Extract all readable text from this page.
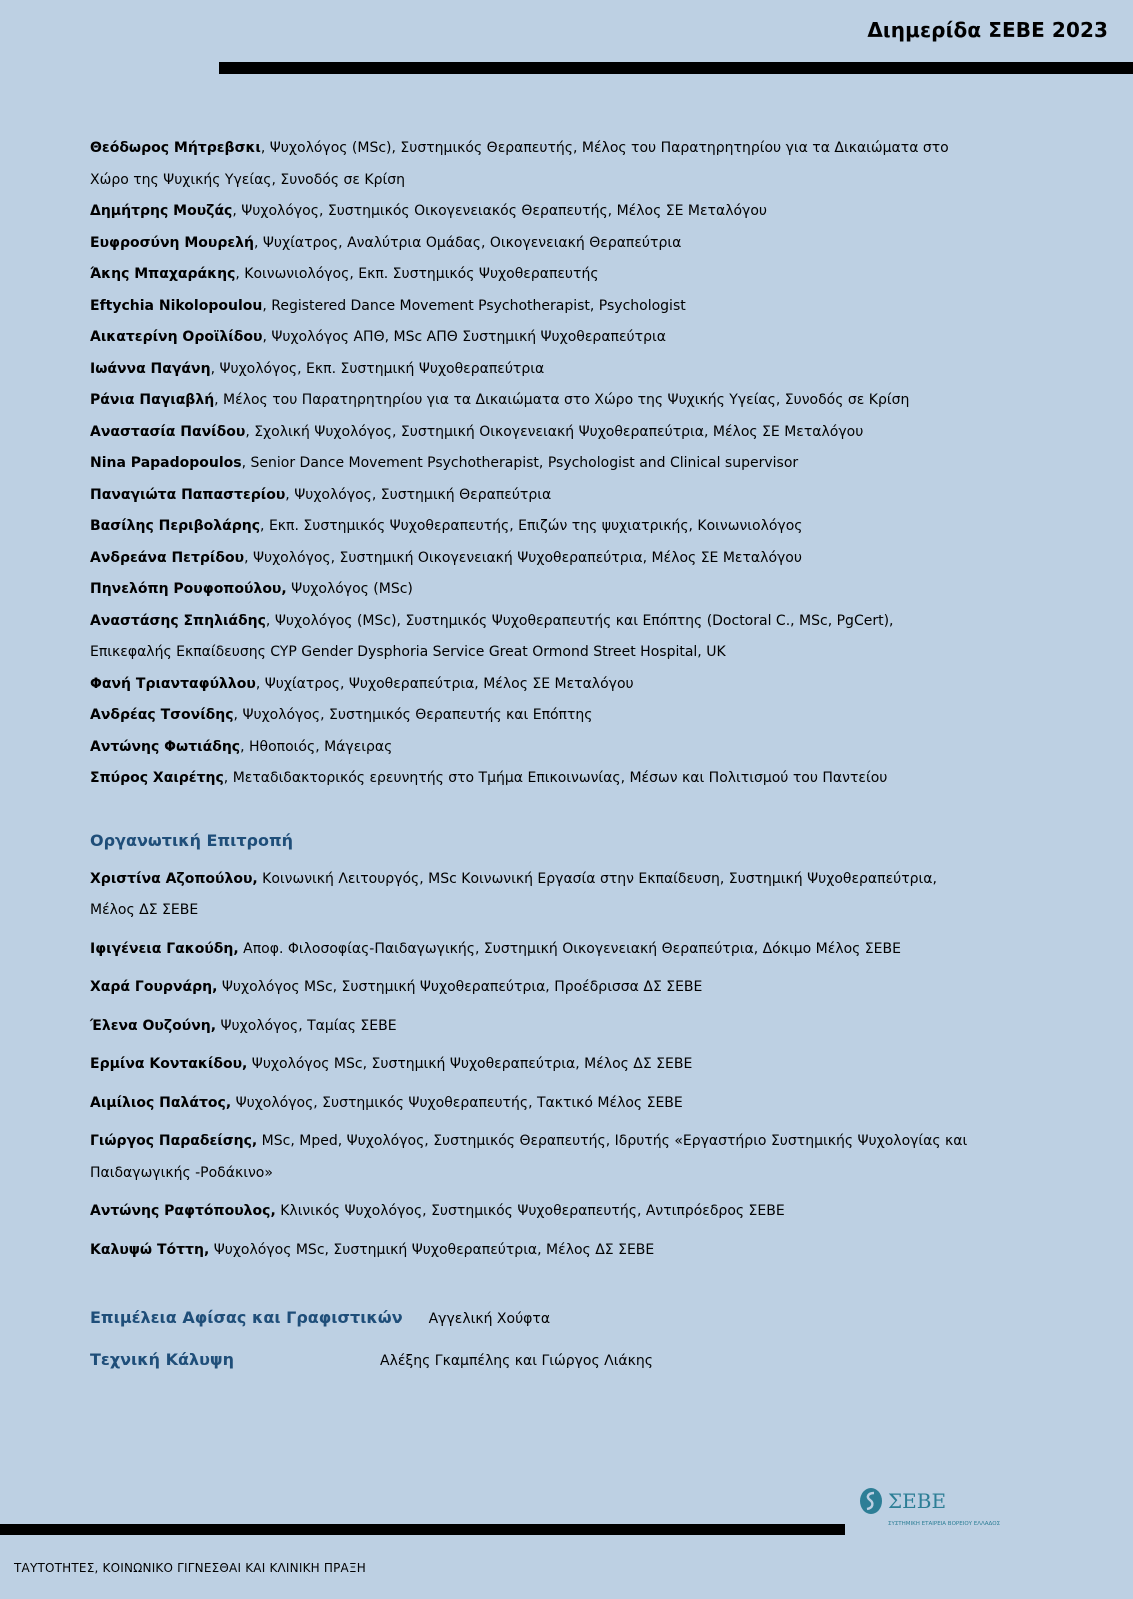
Διημερίδα ΣΕΒΕ 2023

Θεόδωρος Μήτρεβσκι, Ψυχολόγος (MSc), Συστημικός Θεραπευτής, Μέλος του Παρατηρητηρίου για τα Δικαιώματα στο Χώρο της Ψυχικής Υγείας, Συνοδός σε Κρίση

Δημήτρης Μουζάς, Ψυχολόγος, Συστημικός Οικογενειακός Θεραπευτής, Μέλος ΣΕ Μεταλόγου

Ευφροσύνη Μουρελή, Ψυχίατρος, Αναλύτρια Ομάδας, Οικογενειακή Θεραπεύτρια

Άκης Μπαχαράκης, Κοινωνιολόγος, Εκπ. Συστημικός Ψυχοθεραπευτής

Eftychia Nikolopoulou, Registered Dance Movement Psychotherapist, Psychologist

Αικατερίνη Οροϊλίδου, Ψυχολόγος ΑΠΘ, MSc ΑΠΘ Συστημική Ψυχοθεραπεύτρια

Ιωάννα Παγάνη, Ψυχολόγος, Εκπ. Συστημική Ψυχοθεραπεύτρια

Ράνια Παγιαβλή, Μέλος του Παρατηρητηρίου για τα Δικαιώματα στο Χώρο της Ψυχικής Υγείας, Συνοδός σε Κρίση

Αναστασία Πανίδου, Σχολική Ψυχολόγος, Συστημική Οικογενειακή Ψυχοθεραπεύτρια, Μέλος ΣΕ Μεταλόγου

Nina Papadopoulos, Senior Dance Movement Psychotherapist, Psychologist and Clinical supervisor

Παναγιώτα Παπαστερίου, Ψυχολόγος, Συστημική Θεραπεύτρια

Βασίλης Περιβολάρης, Εκπ. Συστημικός Ψυχοθεραπευτής, Επιζών της ψυχιατρικής, Κοινωνιολόγος

Ανδρεάνα Πετρίδου, Ψυχολόγος, Συστημική Οικογενειακή Ψυχοθεραπεύτρια, Μέλος ΣΕ Μεταλόγου

Πηνελόπη Ρουφοπούλου, Ψυχολόγος (MSc)

Αναστάσης Σπηλιάδης, Ψυχολόγος (MSc), Συστημικός Ψυχοθεραπευτής και Επόπτης (Doctoral C., MSc, PgCert), Επικεφαλής Εκπαίδευσης CYP Gender Dysphoria Service Great Ormond Street Hospital, UK

Φανή Τριανταφύλλου, Ψυχίατρος, Ψυχοθεραπεύτρια, Μέλος ΣΕ Μεταλόγου

Ανδρέας Τσονίδης, Ψυχολόγος, Συστημικός Θεραπευτής και Επόπτης

Αντώνης Φωτιάδης, Ηθοποιός, Μάγειρας

Σπύρος Χαιρέτης, Μεταδιδακτορικός ερευνητής στο Τμήμα Επικοινωνίας, Μέσων και Πολιτισμού του Παντείου

Οργανωτική Επιτροπή

Χριστίνα Αζοπούλου, Κοινωνική Λειτουργός, MSc Κοινωνική Εργασία στην Εκπαίδευση, Συστημική Ψυχοθεραπεύτρια, Μέλος ΔΣ ΣΕΒΕ

Ιφιγένεια Γακούδη, Αποφ. Φιλοσοφίας-Παιδαγωγικής, Συστημική Οικογενειακή Θεραπεύτρια, Δόκιμο Μέλος ΣΕΒΕ

Χαρά Γουρνάρη, Ψυχολόγος MSc, Συστημική Ψυχοθεραπεύτρια, Προέδρισσα ΔΣ ΣΕΒΕ

Έλενα Ουζούνη, Ψυχολόγος, Ταμίας ΣΕΒΕ

Ερμίνα Κοντακίδου, Ψυχολόγος MSc, Συστημική Ψυχοθεραπεύτρια, Μέλος ΔΣ ΣΕΒΕ

Αιμίλιος Παλάτος, Ψυχολόγος, Συστημικός Ψυχοθεραπευτής, Τακτικό Μέλος ΣΕΒΕ

Γιώργος Παραδείσης, MSc, Mped, Ψυχολόγος, Συστημικός Θεραπευτής, Ιδρυτής «Εργαστήριο Συστημικής Ψυχολογίας και Παιδαγωγικής -Ροδάκινο»

Αντώνης Ραφτόπουλος, Κλινικός Ψυχολόγος, Συστημικός Ψυχοθεραπευτής, Αντιπρόεδρος ΣΕΒΕ

Καλυψώ Τόττη, Ψυχολόγος MSc, Συστημική Ψυχοθεραπεύτρια, Μέλος ΔΣ ΣΕΒΕ

Επιμέλεια Αφίσας και Γραφιστικών Αγγελική Χούφτα
Τεχνική Κάλυψη	Αλέξης Γκαμπέλης και Γιώργος Λιάκης
ΤΑΥΤΟΤΗΤΕΣ, ΚΟΙΝΩΝΙΚΟ ΓΙΓΝΕΣΘΑΙ ΚΑΙ ΚΛΙΝΙΚΗ ΠΡΑΞΗ
ΣΕΒΕ
ΣΥΣΤΗΜΙΚΗ ΕΤΑΙΡΕΙΑ ΒΟΡΕΙΟΥ ΕΛΛΑΔΟΣ
